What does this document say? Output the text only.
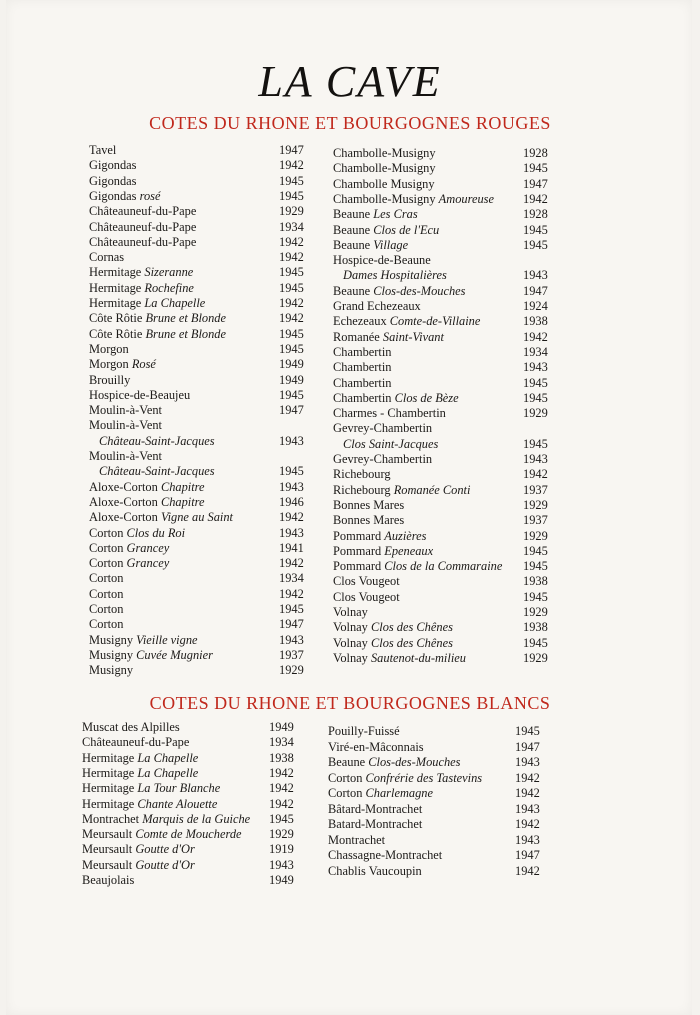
LA CAVE
COTES DU RHONE ET BOURGOGNES ROUGES
Tavel	1947
Gigondas	1942
Gigondas	1945
Gigondas rosé	1945
Châteauneuf-du-Pape	1929
Châteauneuf-du-Pape	1934
Châteauneuf-du-Pape	1942
Cornas	1942
Hermitage Sizeranne	1945
Hermitage Rochefine	1945
Hermitage La Chapelle	1942
Côte Rôtie Brune et Blonde	1942
Côte Rôtie Brune et Blonde	1945
Morgon	1945
Morgon Rosé	1949
Brouilly	1949
Hospice-de-Beaujeu	1945
Moulin-à-Vent	1947
Moulin-à-Vent
Château-Saint-Jacques	1943
Moulin-à-Vent
Château-Saint-Jacques	1945
Aloxe-Corton Chapitre	1943
Aloxe-Corton Chapitre	1946
Aloxe-Corton Vigne au Saint	1942
Corton Clos du Roi	1943
Corton Grancey	1941
Corton Grancey	1942
Corton	1934
Corton	1942
Corton	1945
Corton	1947
Musigny Vieille vigne	1943
Musigny Cuvée Mugnier	1937
Musigny	1929
Chambolle-Musigny	1928
Chambolle-Musigny	1945
Chambolle Musigny	1947
Chambolle-Musigny Amoureuse 1942
Beaune Les Cras	1928
Beaune Clos de l'Ecu	1945
Beaune Village	1945
Hospice-de-Beaune
Dames Hospitalières	1943
Beaune Clos-des-Mouches	1947
Grand Echezeaux	1924
Echezeaux Comte-de-Villaine	1938
Romanée Saint-Vivant	1942
Chambertin	1934
Chambertin	1943
Chambertin	1945
Chambertin Clos de Bèze	1945
Charmes - Chambertin	1929
Gevrey-Chambertin
Clos Saint-Jacques	1945
Gevrey-Chambertin	1943
Richebourg	1942
Richebourg Romanée Conti	1937
Bonnes Mares	1929
Bonnes Mares	1937
Pommard Auzières	1929
Pommard Epeneaux	1945
Pommard Clos de la Commaraine 1945
Clos Vougeot	1938
Clos Vougeot	1945
Volnay	1929
Volnay Clos des Chênes	1938
Volnay Clos des Chênes	1945
Volnay Sautenot-du-milieu	1929
COTES DU RHONE ET BOURGOGNES BLANCS
Muscat des Alpilles	1949
Châteauneuf-du-Pape	1934
Hermitage La Chapelle	1938
Hermitage La Chapelle	1942
Hermitage La Tour Blanche	1942
Hermitage Chante Alouette	1942
Montrachet Marquis de la Guiche 1945
Meursault Comte de Moucherde 1929
Meursault Goutte d'Or	1919
Meursault Goutte d'Or	1943
Beaujolais	1949
Pouilly-Fuissé	1945
Viré-en-Mâconnais	1947
Beaune Clos-des-Mouches	1943
Corton Confrérie des Tastevins	1942
Corton Charlemagne	1942
Bâtard-Montrachet	1943
Batard-Montrachet	1942
Montrachet	1943
Chassagne-Montrachet	1947
Chablis Vaucoupin	1942
